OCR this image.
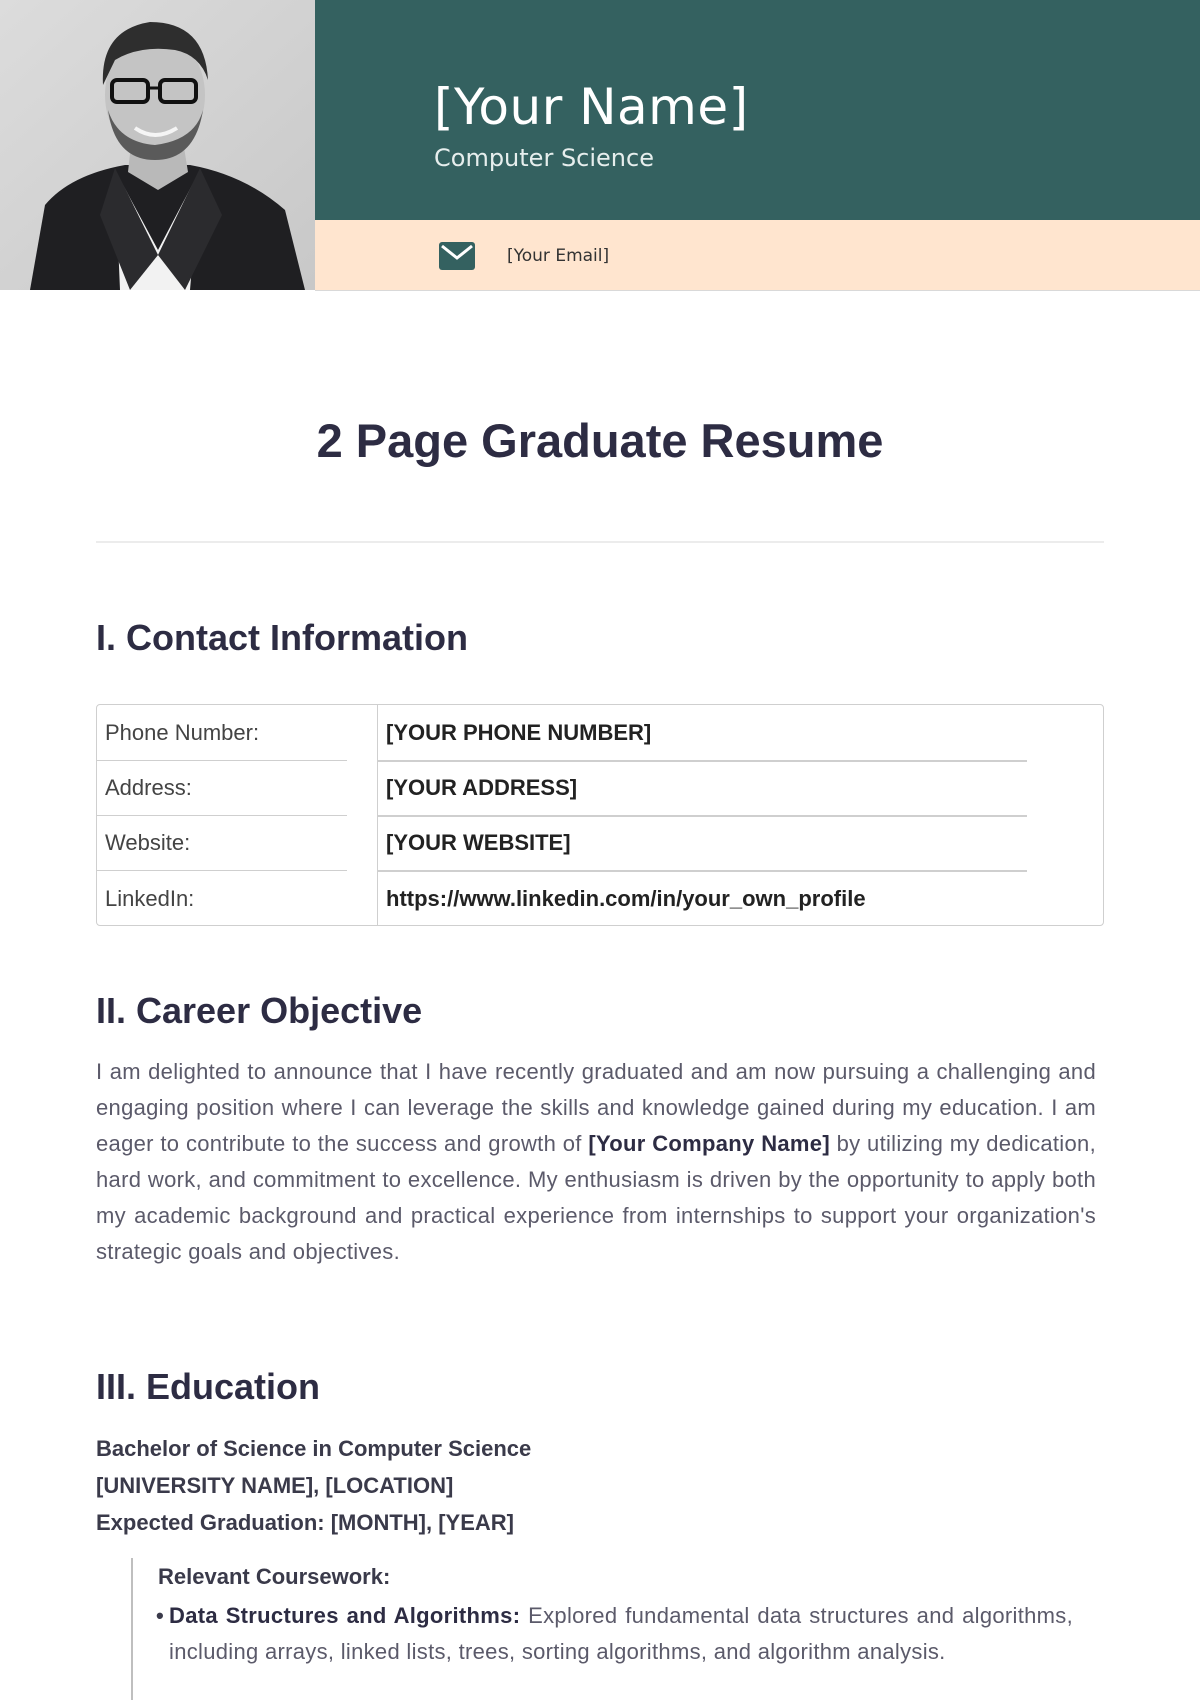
[Your Name]
Computer Science
[Your Email]
2 Page Graduate Resume
I. Contact Information
Phone Number:	[YOUR PHONE NUMBER]
Address:	[YOUR ADDRESS]
Website:	[YOUR WEBSITE]
LinkedIn:	https://www.linkedin.com/in/your_own_profile
II. Career Objective

I am delighted to announce that I have recently graduated and am now pursuing a challenging and engaging position where I can leverage the skills and knowledge gained during my education. I am eager to contribute to the success and growth of [Your Company Name] by utilizing my dedication, hard work, and commitment to excellence. My enthusiasm is driven by the opportunity to apply both my academic background and practical experience from internships to support your organization's strategic goals and objectives.

III. Education
Bachelor of Science in Computer Science
[UNIVERSITY NAME], [LOCATION]
Expected Graduation: [MONTH], [YEAR]
Relevant Coursework:

• Data Structures and Algorithms: Explored fundamental data structures and algorithms, including arrays, linked lists, trees, sorting algorithms, and algorithm analysis.
